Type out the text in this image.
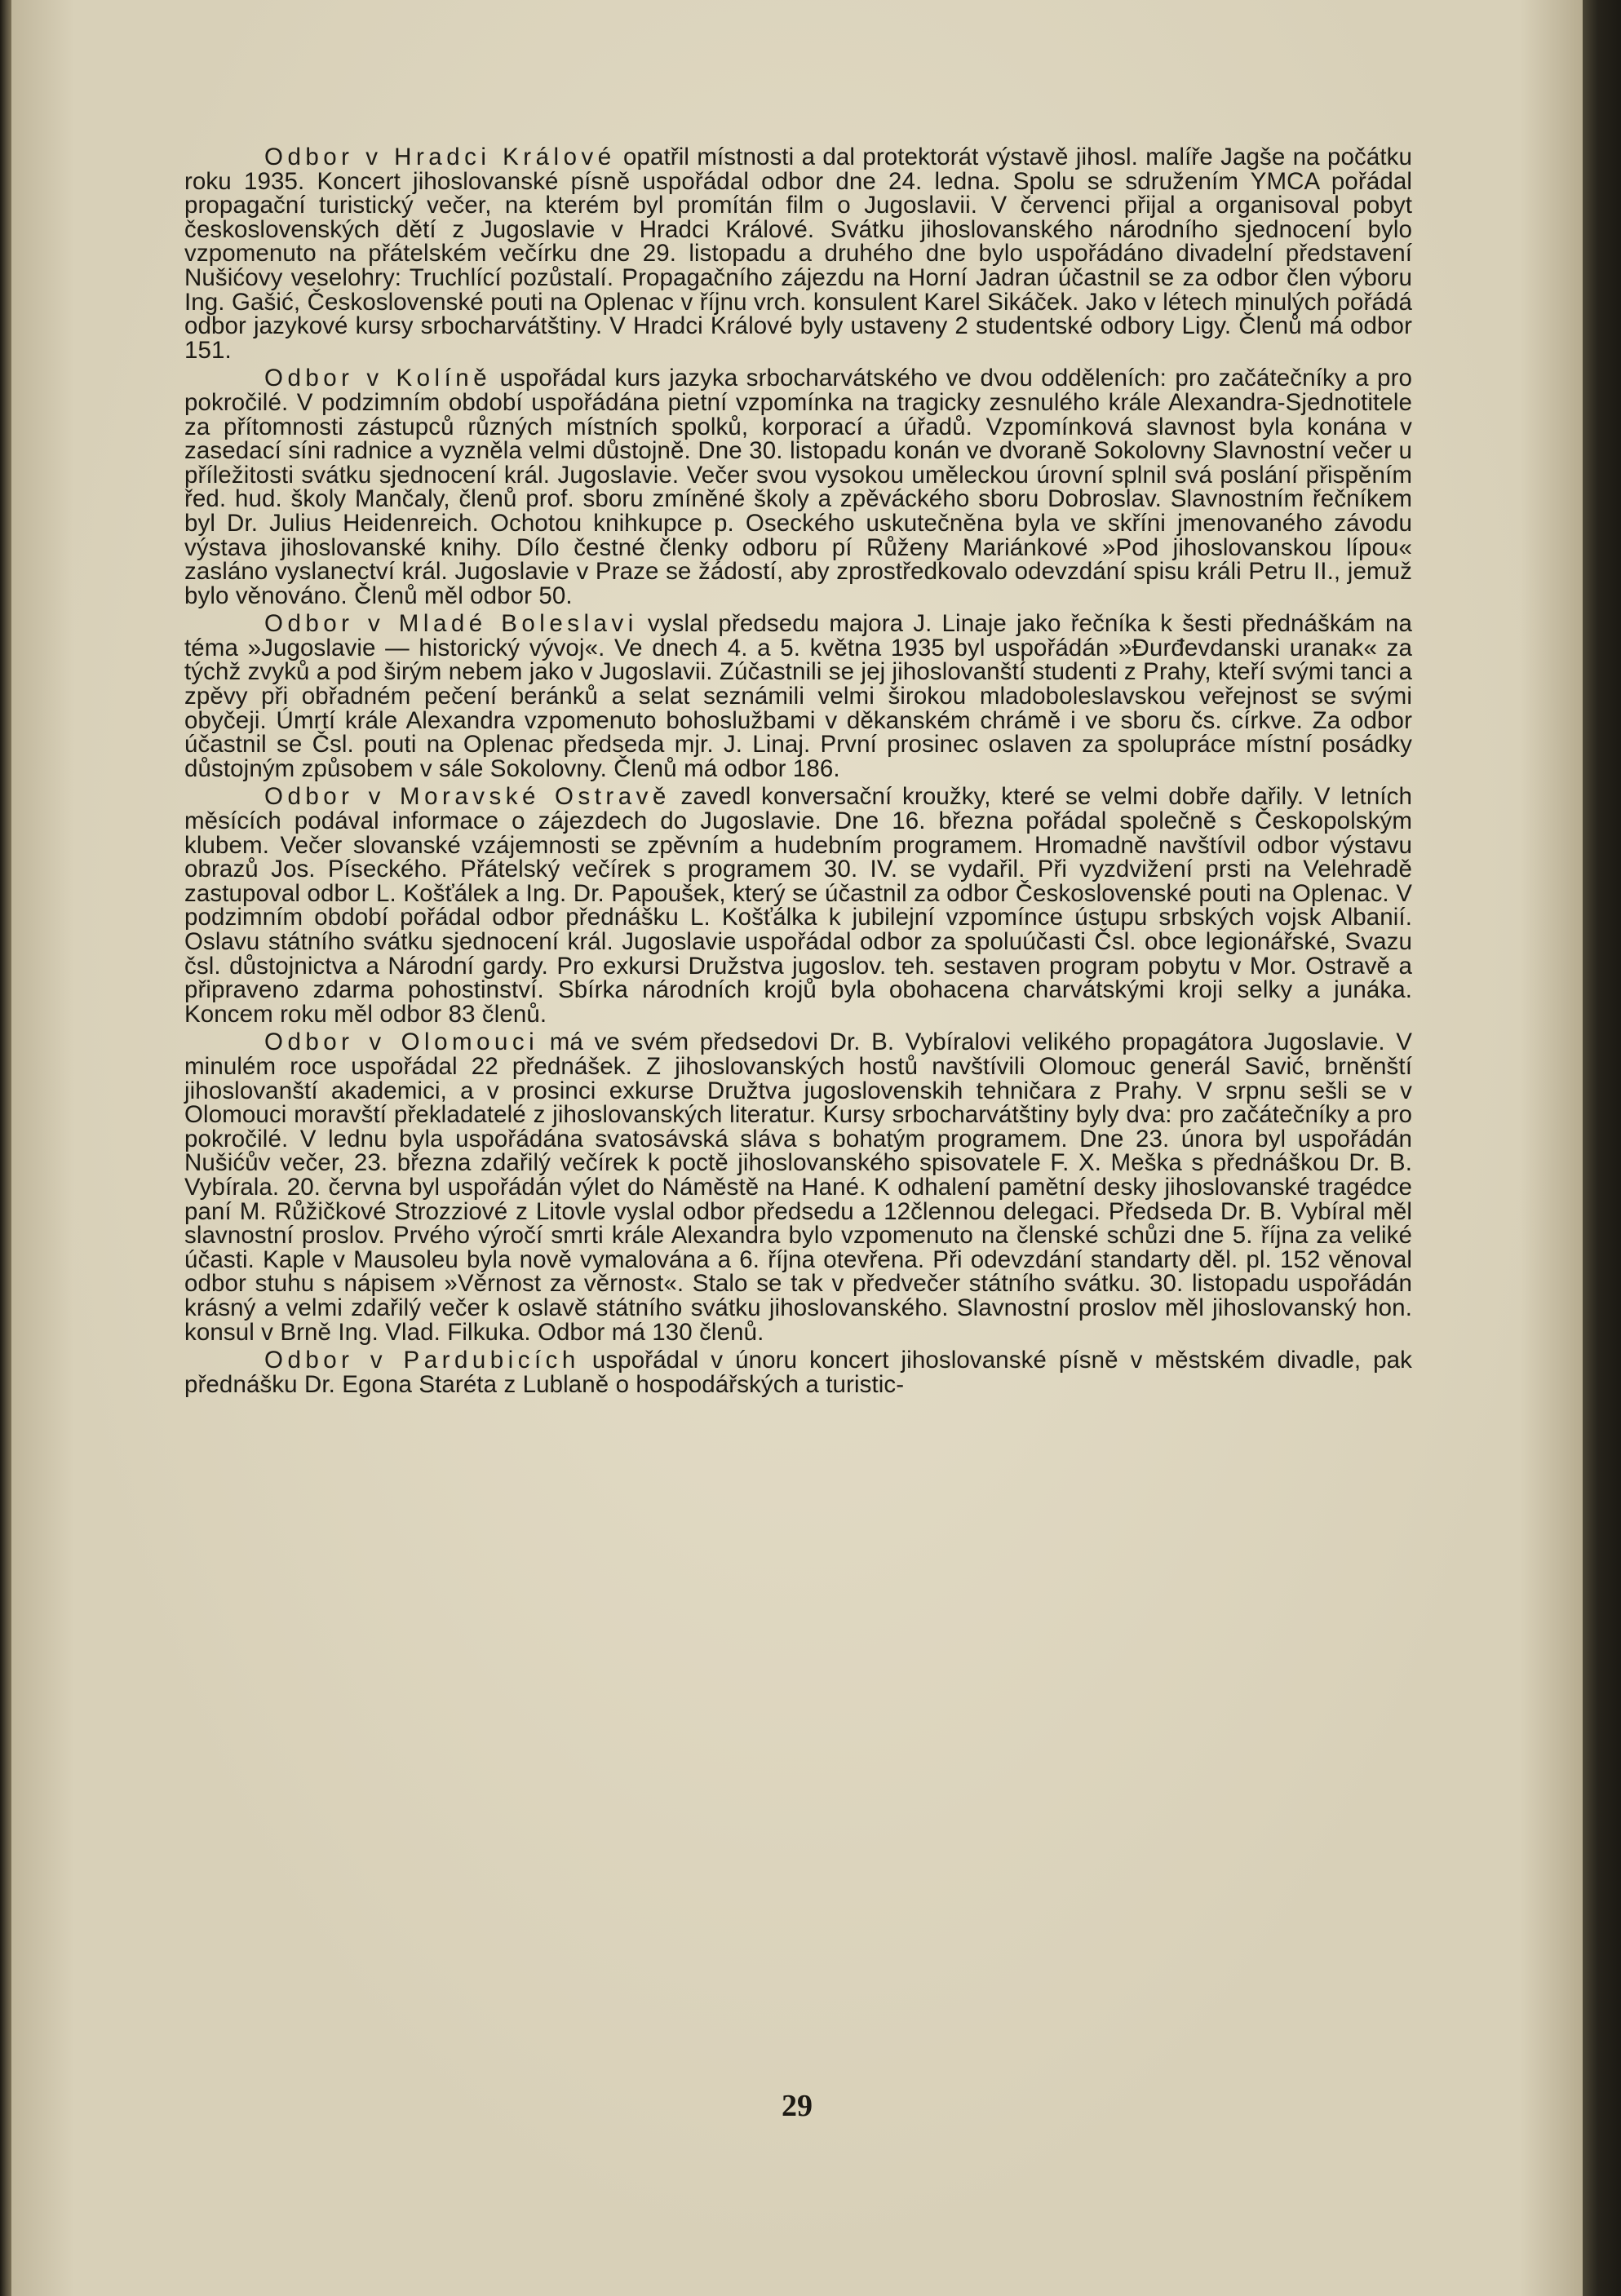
Odbor v Hradci Králové opatřil místnosti a dal protektorát výstavě jihosl. malíře Jagše na počátku roku 1935. Koncert jihoslovanské písně uspořádal odbor dne 24. ledna. Spolu se sdružením YMCA pořádal propagační turistický večer, na kterém byl promítán film o Jugoslavii. V červenci přijal a organisoval pobyt československých dětí z Jugoslavie v Hradci Králové. Svátku jihoslovanského národního sjednocení bylo vzpomenuto na přátelském večírku dne 29. listopadu a druhého dne bylo uspořádáno divadelní představení Nušićovy veselohry: Truchlící pozůstalí. Propagačního zájezdu na Horní Jadran účastnil se za odbor člen výboru Ing. Gašić, Československé pouti na Oplenac v říjnu vrch. konsulent Karel Sikáček. Jako v létech minulých pořádá odbor jazykové kursy srbocharvátštiny. V Hradci Králové byly ustaveny 2 studentské odbory Ligy. Členů má odbor 151.

Odbor v Kolíně uspořádal kurs jazyka srbocharvátského ve dvou odděleních: pro začátečníky a pro pokročilé. V podzimním období uspořádána pietní vzpomínka na tragicky zesnulého krále Alexandra-Sjednotitele za přítomnosti zástupců různých místních spolků, korporací a úřadů. Vzpomínková slavnost byla konána v zasedací síni radnice a vyzněla velmi důstojně. Dne 30. listopadu konán ve dvoraně Sokolovny Slavnostní večer u příležitosti svátku sjednocení král. Jugoslavie. Večer svou vysokou uměleckou úrovní splnil svá poslání přispěním řed. hud. školy Mančaly, členů prof. sboru zmíněné školy a zpěváckého sboru Dobroslav. Slavnostním řečníkem byl Dr. Julius Heidenreich. Ochotou knihkupce p. Oseckého uskutečněna byla ve skříni jmenovaného závodu výstava jihoslovanské knihy. Dílo čestné členky odboru pí Růženy Mariánkové »Pod jihoslovanskou lípou« zasláno vyslanectví král. Jugoslavie v Praze se žádostí, aby zprostředkovalo odevzdání spisu králi Petru II., jemuž bylo věnováno. Členů měl odbor 50.

Odbor v Mladé Boleslavi vyslal předsedu majora J. Linaje jako řečníka k šesti přednáškám na téma »Jugoslavie — historický vývoj«. Ve dnech 4. a 5. května 1935 byl uspořádán »Đurđevdanski uranak« za týchž zvyků a pod širým nebem jako v Jugoslavii. Zúčastnili se jej jihoslovanští studenti z Prahy, kteří svými tanci a zpěvy při obřadném pečení beránků a selat seznámili velmi širokou mladoboleslavskou veřejnost se svými obyčeji. Úmrtí krále Alexandra vzpomenuto bohoslužbami v děkanském chrámě i ve sboru čs. církve. Za odbor účastnil se Čsl. pouti na Oplenac předseda mjr. J. Linaj. První prosinec oslaven za spolupráce místní posádky důstojným způsobem v sále Sokolovny. Členů má odbor 186.

Odbor v Moravské Ostravě zavedl konversační kroužky, které se velmi dobře dařily. V letních měsících podával informace o zájezdech do Jugoslavie. Dne 16. března pořádal společně s Českopolským klubem. Večer slovanské vzájemnosti se zpěvním a hudebním programem. Hromadně navštívil odbor výstavu obrazů Jos. Píseckého. Přátelský večírek s programem 30. IV. se vydařil. Při vyzdvižení prsti na Velehradě zastupoval odbor L. Košťálek a Ing. Dr. Papoušek, který se účastnil za odbor Československé pouti na Oplenac. V podzimním období pořádal odbor přednášku L. Košťálka k jubilejní vzpomínce ústupu srbských vojsk Albanií. Oslavu státního svátku sjednocení král. Jugoslavie uspořádal odbor za spoluúčasti Čsl. obce legionářské, Svazu čsl. důstojnictva a Národní gardy. Pro exkursi Družstva jugoslov. teh. sestaven program pobytu v Mor. Ostravě a připraveno zdarma pohostinství. Sbírka národních krojů byla obohacena charvátskými kroji selky a junáka. Koncem roku měl odbor 83 členů.

Odbor v Olomouci má ve svém předsedovi Dr. B. Vybíralovi velikého propagátora Jugoslavie. V minulém roce uspořádal 22 přednášek. Z jihoslovanských hostů navštívili Olomouc generál Savić, brněnští jihoslovanští akademici, a v prosinci exkurse Družtva jugoslovenskih tehničara z Prahy. V srpnu sešli se v Olomouci moravští překladatelé z jihoslovanských literatur. Kursy srbocharvátštiny byly dva: pro začátečníky a pro pokročilé. V lednu byla uspořádána svatosávská sláva s bohatým programem. Dne 23. února byl uspořádán Nušićův večer, 23. března zdařilý večírek k poctě jihoslovanského spisovatele F. X. Meška s přednáškou Dr. B. Vybírala. 20. června byl uspořádán výlet do Náměstě na Hané. K odhalení pamětní desky jihoslovanské tragédce paní M. Růžičkové Strozziové z Litovle vyslal odbor předsedu a 12člennou delegaci. Předseda Dr. B. Vybíral měl slavnostní proslov. Prvého výročí smrti krále Alexandra bylo vzpomenuto na členské schůzi dne 5. října za veliké účasti. Kaple v Mausoleu byla nově vymalována a 6. října otevřena. Při odevzdání standarty děl. pl. 152 věnoval odbor stuhu s nápisem »Věrnost za věrnost«. Stalo se tak v předvečer státního svátku. 30. listopadu uspořádán krásný a velmi zdařilý večer k oslavě státního svátku jihoslovanského. Slavnostní proslov měl jihoslovanský hon. konsul v Brně Ing. Vlad. Filkuka. Odbor má 130 členů.

Odbor v Pardubicích uspořádal v únoru koncert jihoslovanské písně v městském divadle, pak přednášku Dr. Egona Staréta z Lublaně o hospodářských a turistic-

29
